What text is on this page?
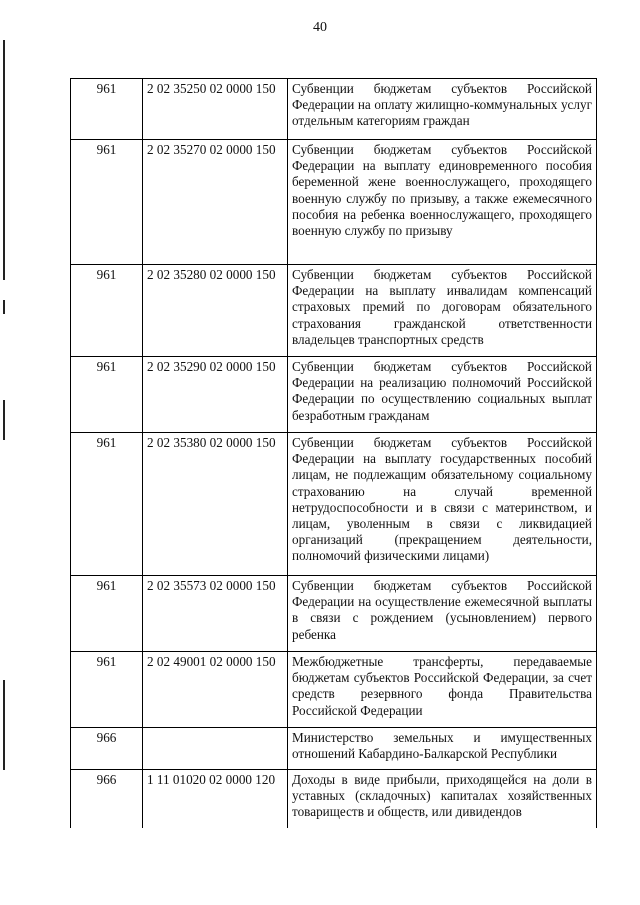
40
961	2 02 35250 02 0000 150	Субвенции бюджетам субъектов Российской Федерации на оплату жилищно-коммунальных услуг отдельным категориям граждан
961	2 02 35270 02 0000 150	Субвенции бюджетам субъектов Российской Федерации на выплату единовременного пособия беременной жене военнослужащего, проходящего военную службу по призыву, а также ежемесячного пособия на ребенка военнослужащего, проходящего военную службу по призыву
961	2 02 35280 02 0000 150	Субвенции бюджетам субъектов Российской Федерации на выплату инвалидам компенсаций страховых премий по договорам обязательного страхования гражданской ответственности владельцев транспортных средств
961	2 02 35290 02 0000 150	Субвенции бюджетам субъектов Российской Федерации на реализацию полномочий Российской Федерации по осуществлению социальных выплат безработным гражданам
961	2 02 35380 02 0000 150	Субвенции бюджетам субъектов Российской Федерации на выплату государственных пособий лицам, не подлежащим обязательному социальному страхованию на случай временной нетрудоспособности и в связи с материнством, и лицам, уволенным в связи с ликвидацией организаций (прекращением деятельности, полномочий физическими лицами)
961	2 02 35573 02 0000 150	Субвенции бюджетам субъектов Российской Федерации на осуществление ежемесячной выплаты в связи с рождением (усыновлением) первого ребенка
961	2 02 49001 02 0000 150	Межбюджетные трансферты, передаваемые бюджетам субъектов Российской Федерации, за счет средств резервного фонда Правительства Российской Федерации
966		Министерство земельных и имущественных отношений Кабардино-Балкарской Республики
966	1 11 01020 02 0000 120	Доходы в виде прибыли, приходящейся на доли в уставных (складочных) капиталах хозяйственных товариществ и обществ, или дивидендов
